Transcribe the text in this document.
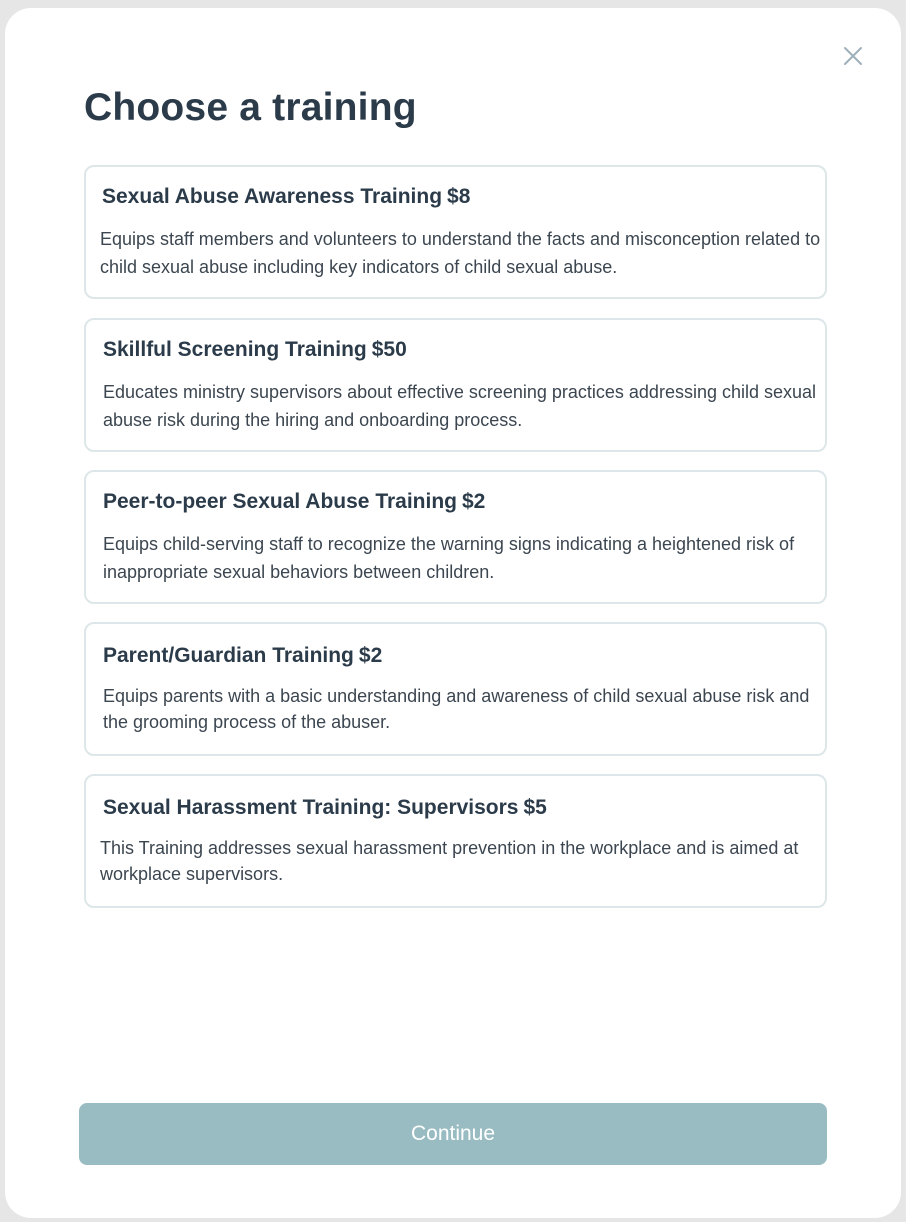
Choose a training
Sexual Abuse Awareness Training $8

Equips staff members and volunteers to understand the facts and misconception related to child sexual abuse including key indicators of child sexual abuse.

Skillful Screening Training $50

Educates ministry supervisors about effective screening practices addressing child sexual abuse risk during the hiring and onboarding process.

Peer-to-peer Sexual Abuse Training $2

Equips child-serving staff to recognize the warning signs indicating a heightened risk of inappropriate sexual behaviors between children.

Parent/Guardian Training $2

Equips parents with a basic understanding and awareness of child sexual abuse risk and the grooming process of the abuser.

Sexual Harassment Training: Supervisors $5

This Training addresses sexual harassment prevention in the workplace and is aimed at workplace supervisors.

Continue
